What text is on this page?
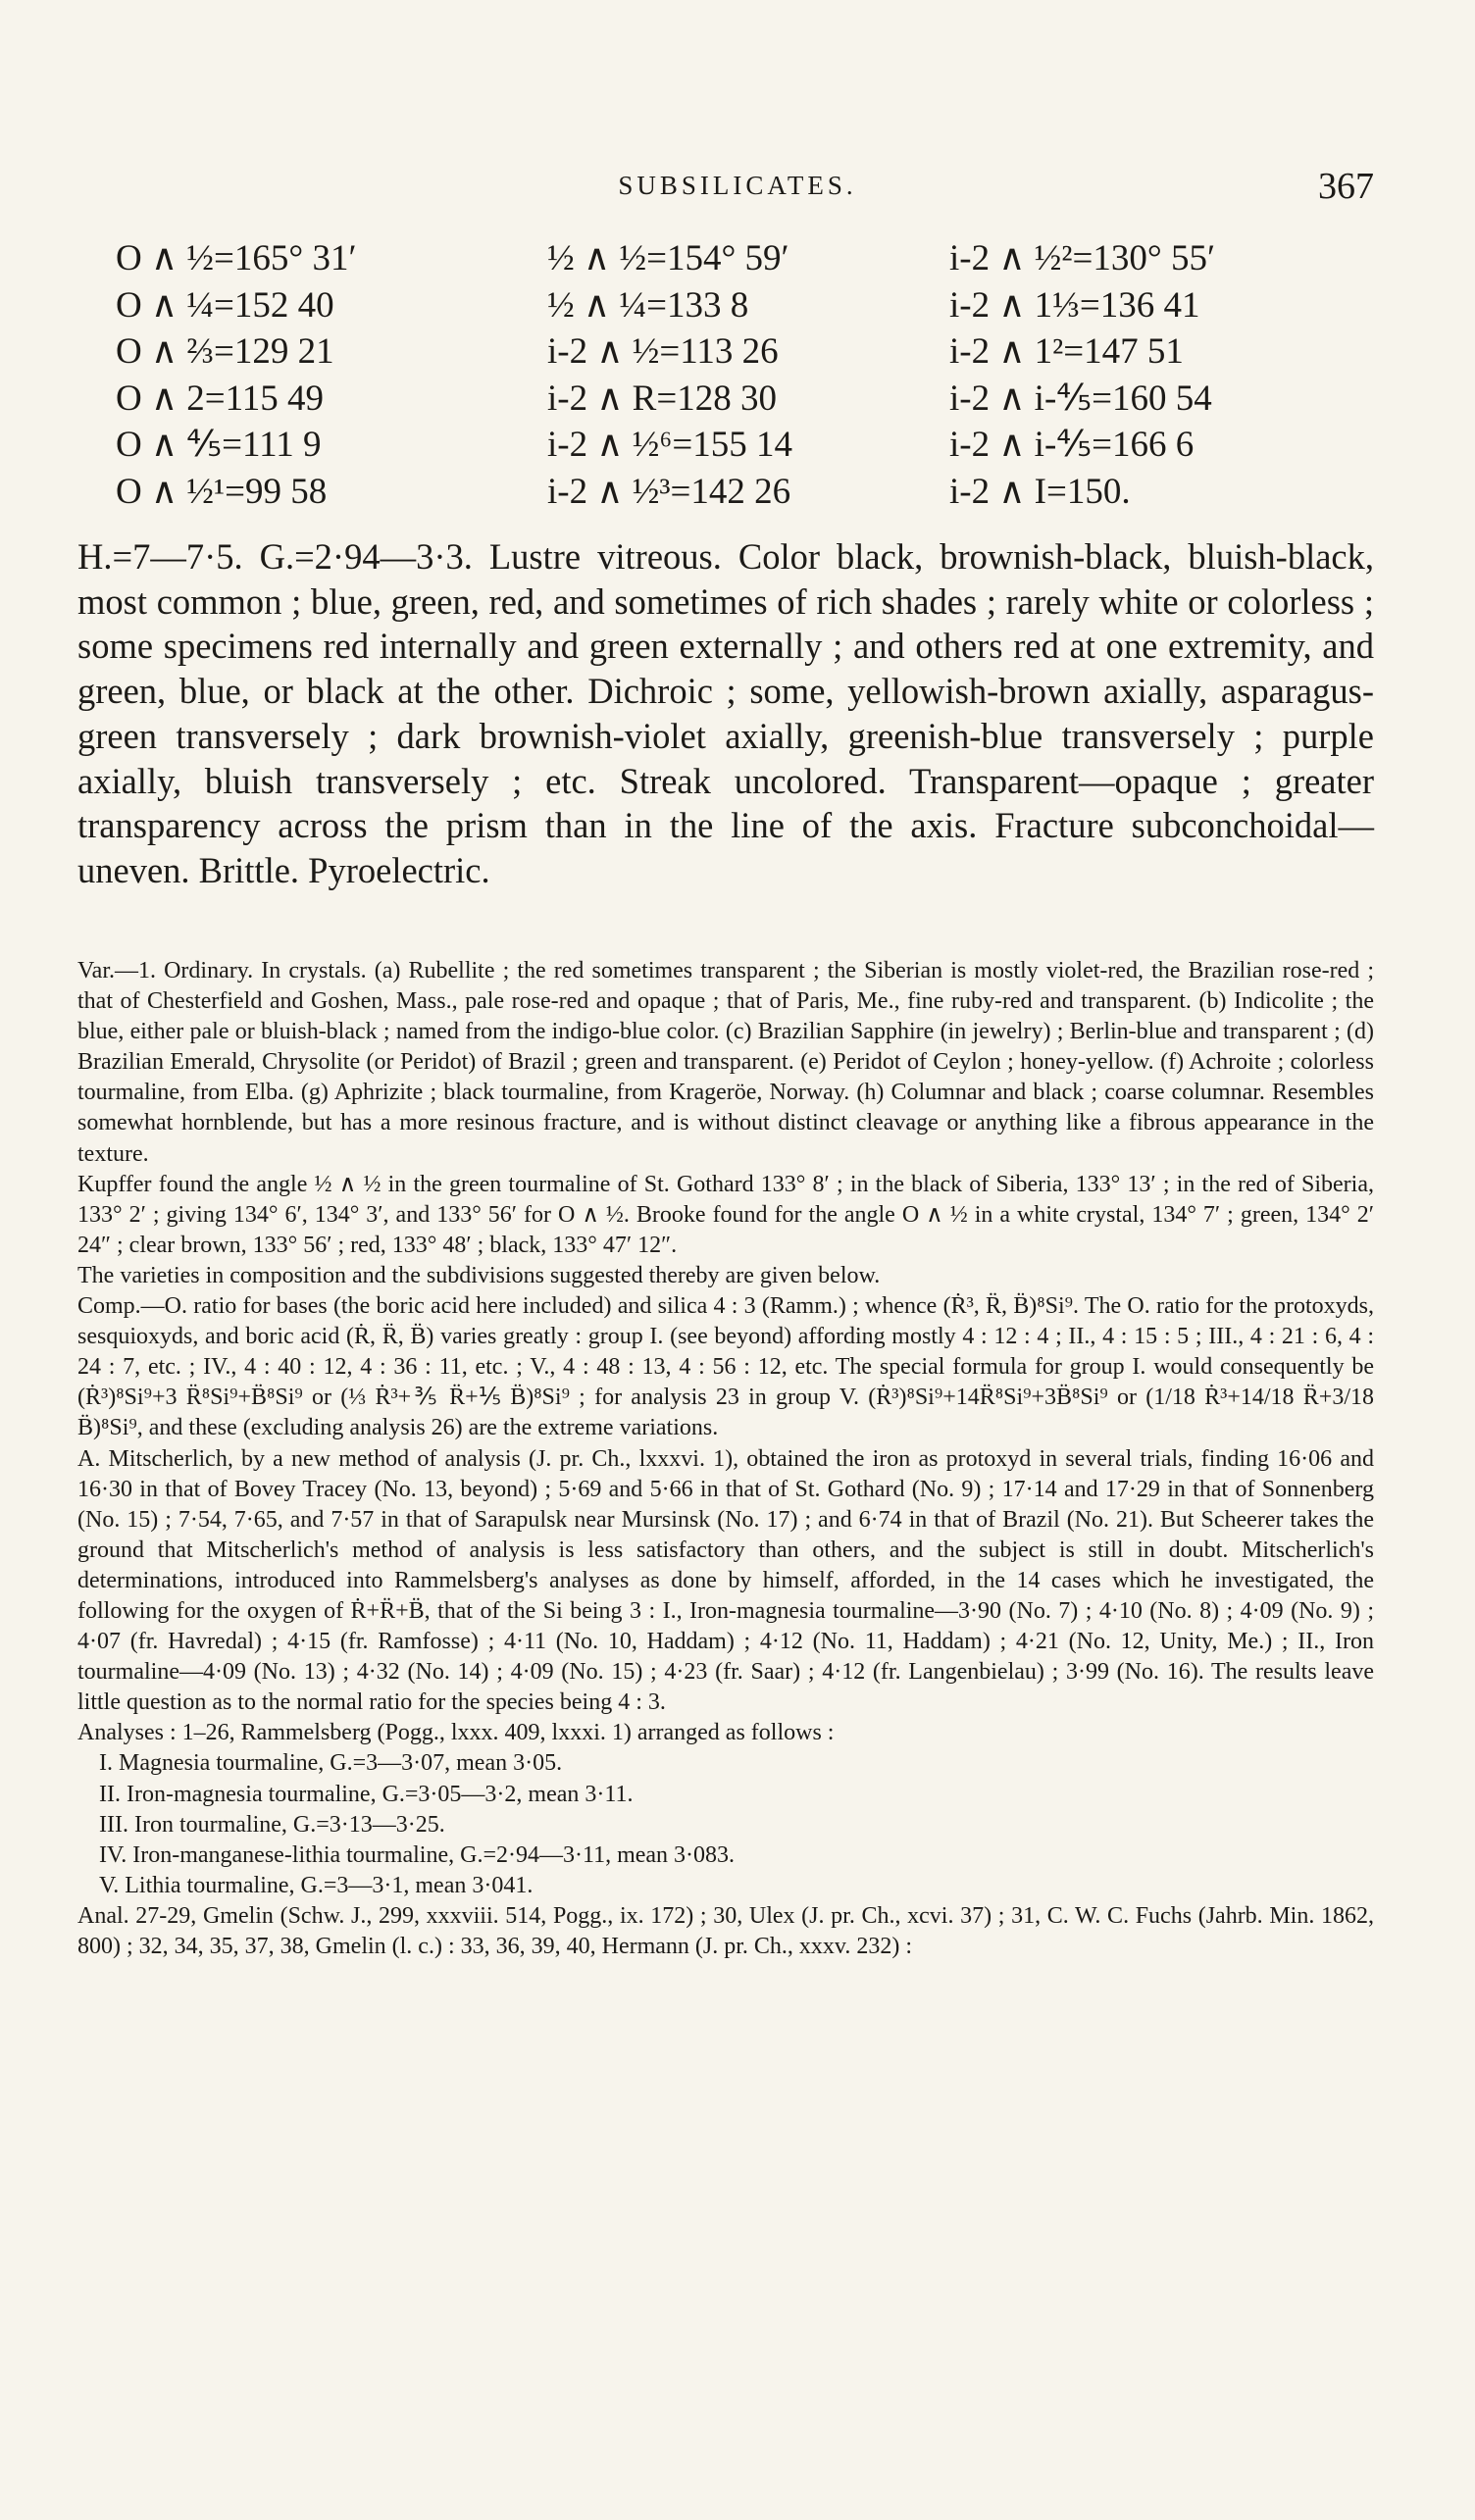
SUBSILICATES.	367
O ∧ ½=165° 31′
O ∧ ¼=152 40
O ∧ ⅔=129 21
O ∧ 2=115 49
O ∧ ⅘=111 9
O ∧ ½¹=99 58
½ ∧ ½=154° 59′
½ ∧ ¼=133 8
i-2 ∧ ½=113 26
i-2 ∧ R=128 30
i-2 ∧ ½⁶=155 14
i-2 ∧ ½³=142 26
i-2 ∧ ½²=130° 55′
i-2 ∧ 1⅓=136 41
i-2 ∧ 1²=147 51
i-2 ∧ i-⅘=160 54
i-2 ∧ i-⅘=166 6
i-2 ∧ I=150.

H.=7—7·5. G.=2·94—3·3. Lustre vitreous. Color black, brownish-black, bluish-black, most common ; blue, green, red, and sometimes of rich shades ; rarely white or colorless ; some specimens red internally and green externally ; and others red at one extremity, and green, blue, or black at the other. Dichroic ; some, yellowish-brown axially, asparagus-green transversely ; dark brownish-violet axially, greenish-blue transversely ; purple axially, bluish transversely ; etc. Streak uncolored. Transparent—opaque ; greater transparency across the prism than in the line of the axis. Fracture subconchoidal—uneven. Brittle. Pyroelectric.

Var.—1. Ordinary. In crystals. (a) Rubellite ; the red sometimes transparent ; the Siberian is mostly violet-red, the Brazilian rose-red ; that of Chesterfield and Goshen, Mass., pale rose-red and opaque ; that of Paris, Me., fine ruby-red and transparent. (b) Indicolite ; the blue, either pale or bluish-black ; named from the indigo-blue color. (c) Brazilian Sapphire (in jewelry) ; Berlin-blue and transparent ; (d) Brazilian Emerald, Chrysolite (or Peridot) of Brazil ; green and transparent. (e) Peridot of Ceylon ; honey-yellow. (f) Achroite ; colorless tourmaline, from Elba. (g) Aphrizite ; black tourmaline, from Krageröe, Norway. (h) Columnar and black ; coarse columnar. Resembles somewhat hornblende, but has a more resinous fracture, and is without distinct cleavage or anything like a fibrous appearance in the texture.

Kupffer found the angle ½ ∧ ½ in the green tourmaline of St. Gothard 133° 8′ ; in the black of Siberia, 133° 13′ ; in the red of Siberia, 133° 2′ ; giving 134° 6′, 134° 3′, and 133° 56′ for O ∧ ½. Brooke found for the angle O ∧ ½ in a white crystal, 134° 7′ ; green, 134° 2′ 24″ ; clear brown, 133° 56′ ; red, 133° 48′ ; black, 133° 47′ 12″.

The varieties in composition and the subdivisions suggested thereby are given below.

Comp.—O. ratio for bases (the boric acid here included) and silica 4 : 3 (Ramm.) ; whence (Ṙ³, R̈, B̈)⁸Si⁹. The O. ratio for the protoxyds, sesquioxyds, and boric acid (Ṙ, R̈, B̈) varies greatly : group I. (see beyond) affording mostly 4 : 12 : 4 ; II., 4 : 15 : 5 ; III., 4 : 21 : 6, 4 : 24 : 7, etc. ; IV., 4 : 40 : 12, 4 : 36 : 11, etc. ; V., 4 : 48 : 13, 4 : 56 : 12, etc. The special formula for group I. would consequently be (Ṙ³)⁸Si⁹+3 R̈⁸Si⁹+B̈⁸Si⁹ or (⅓ Ṙ³+⅗ R̈+⅕ B̈)⁸Si⁹ ; for analysis 23 in group V. (Ṙ³)⁸Si⁹+14R̈⁸Si⁹+3B̈⁸Si⁹ or (1/18 Ṙ³+14/18 R̈+3/18 B̈)⁸Si⁹, and these (excluding analysis 26) are the extreme variations.

A. Mitscherlich, by a new method of analysis (J. pr. Ch., lxxxvi. 1), obtained the iron as protoxyd in several trials, finding 16·06 and 16·30 in that of Bovey Tracey (No. 13, beyond) ; 5·69 and 5·66 in that of St. Gothard (No. 9) ; 17·14 and 17·29 in that of Sonnenberg (No. 15) ; 7·54, 7·65, and 7·57 in that of Sarapulsk near Mursinsk (No. 17) ; and 6·74 in that of Brazil (No. 21). But Scheerer takes the ground that Mitscherlich's method of analysis is less satisfactory than others, and the subject is still in doubt. Mitscherlich's determinations, introduced into Rammelsberg's analyses as done by himself, afforded, in the 14 cases which he investigated, the following for the oxygen of Ṙ+R̈+B̈, that of the Si being 3 : I., Iron-magnesia tourmaline—3·90 (No. 7) ; 4·10 (No. 8) ; 4·09 (No. 9) ; 4·07 (fr. Havredal) ; 4·15 (fr. Ramfosse) ; 4·11 (No. 10, Haddam) ; 4·12 (No. 11, Haddam) ; 4·21 (No. 12, Unity, Me.) ; II., Iron tourmaline—4·09 (No. 13) ; 4·32 (No. 14) ; 4·09 (No. 15) ; 4·23 (fr. Saar) ; 4·12 (fr. Langenbielau) ; 3·99 (No. 16). The results leave little question as to the normal ratio for the species being 4 : 3.

Analyses : 1–26, Rammelsberg (Pogg., lxxx. 409, lxxxi. 1) arranged as follows :

I. Magnesia tourmaline, G.=3—3·07, mean 3·05.

II. Iron-magnesia tourmaline, G.=3·05—3·2, mean 3·11.

III. Iron tourmaline, G.=3·13—3·25.

IV. Iron-manganese-lithia tourmaline, G.=2·94—3·11, mean 3·083.

V. Lithia tourmaline, G.=3—3·1, mean 3·041.

Anal. 27-29, Gmelin (Schw. J., 299, xxxviii. 514, Pogg., ix. 172) ; 30, Ulex (J. pr. Ch., xcvi. 37) ; 31, C. W. C. Fuchs (Jahrb. Min. 1862, 800) ; 32, 34, 35, 37, 38, Gmelin (l. c.) : 33, 36, 39, 40, Hermann (J. pr. Ch., xxxv. 232) :
